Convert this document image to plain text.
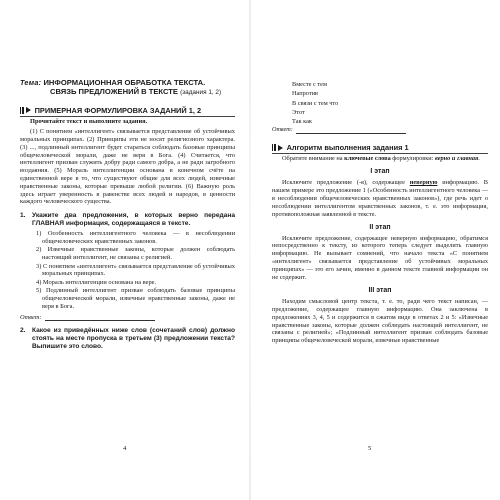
Тема: ИНФОРМАЦИОННАЯ ОБРАБОТКА ТЕКСТА.
СВЯЗЬ ПРЕДЛОЖЕНИЙ В ТЕКСТЕ (задания 1, 2)
ПРИМЕРНАЯ ФОРМУЛИРОВКА ЗАДАНИЙ 1, 2

Прочитайте текст и выполните задания.

(1) С понятием «интеллигент» связывается представление об устойчивых моральных принципах. (2) Принципы эти не носят религиозного характера. (3) ..., подлинный интеллигент будет стараться соблюдать базовые принципы общечеловеческой морали, даже не веря в Бога. (4) Считается, что интеллигент призван служить добру ради самого добра, а не ради загробного воздаяния. (5) Мораль интеллигенции основана в конечном счёте на единственной вере в то, что существуют общие для всех людей, извечные нравственные законы, которые превыше любой религии. (6) Важную роль здесь играет уверенность в равенстве всех людей и народов, в ценности каждого человеческого существа.

1. Укажите два предложения, в которых верно передана ГЛАВНАЯ информация, содержащаяся в тексте.

1) Особенность интеллигентного человека — в несоблюдении общечеловеческих нравственных законов.

2) Извечные нравственные законы, которые должен соблюдать настоящий интеллигент, не связаны с религией.

3) С понятием «интеллигент» связывается представление об устойчивых моральных принципах.

4) Мораль интеллигенции основана на вере.

5) Подлинный интеллигент призван соблюдать базовые принципы общечеловеческой морали, извечные нравственные законы, даже не веря в Бога.

Ответ:
2. Какое из приведённых ниже слов (сочетаний слов) должно стоять на месте пропуска в третьем (3) предложении текста? Выпишите это слово.
4

Вместе с тем

Напротив

В связи с тем что

Этот

Так как

Ответ:
Алгоритм выполнения задания 1

Обратите внимание на ключевые слова формулировки: верно и главная.

I этап

Исключите предложение (-я), содержащее неверную информацию. В нашем примере это предложение 1 («Особенность интеллигентного человека — в несоблюдении общечеловеческих нравственных законов»), где речь идет о несоблюдении интеллигентом нравственных законов, т. е. это информация, противоположная заявленной в тексте.

II этап

Исключите предложение, содержащее неверную информацию, обратимся непосредственно к тексту, из которого теперь следует выделить главную информацию. Не вызывает сомнений, что начало текста «С понятием «интеллигент» связывается представление об устойчивых моральных принципах» — это его зачин, именно в данном тексте главной информации он не содержит.

III этап

Находим смысловой центр текста, т. е. то, ради чего текст написан, — предложение, содержащее главную информацию. Она заключена в предложениях 3, 4, 5 и содержится в сжатом виде в ответах 2 и 5: «Извечные нравственные законы, которые должен соблюдать настоящий интеллигент, не связаны с религией»; «Подлинный интеллигент призван соблюдать базовые принципы общечеловеческой морали, извечные нравственные

5
